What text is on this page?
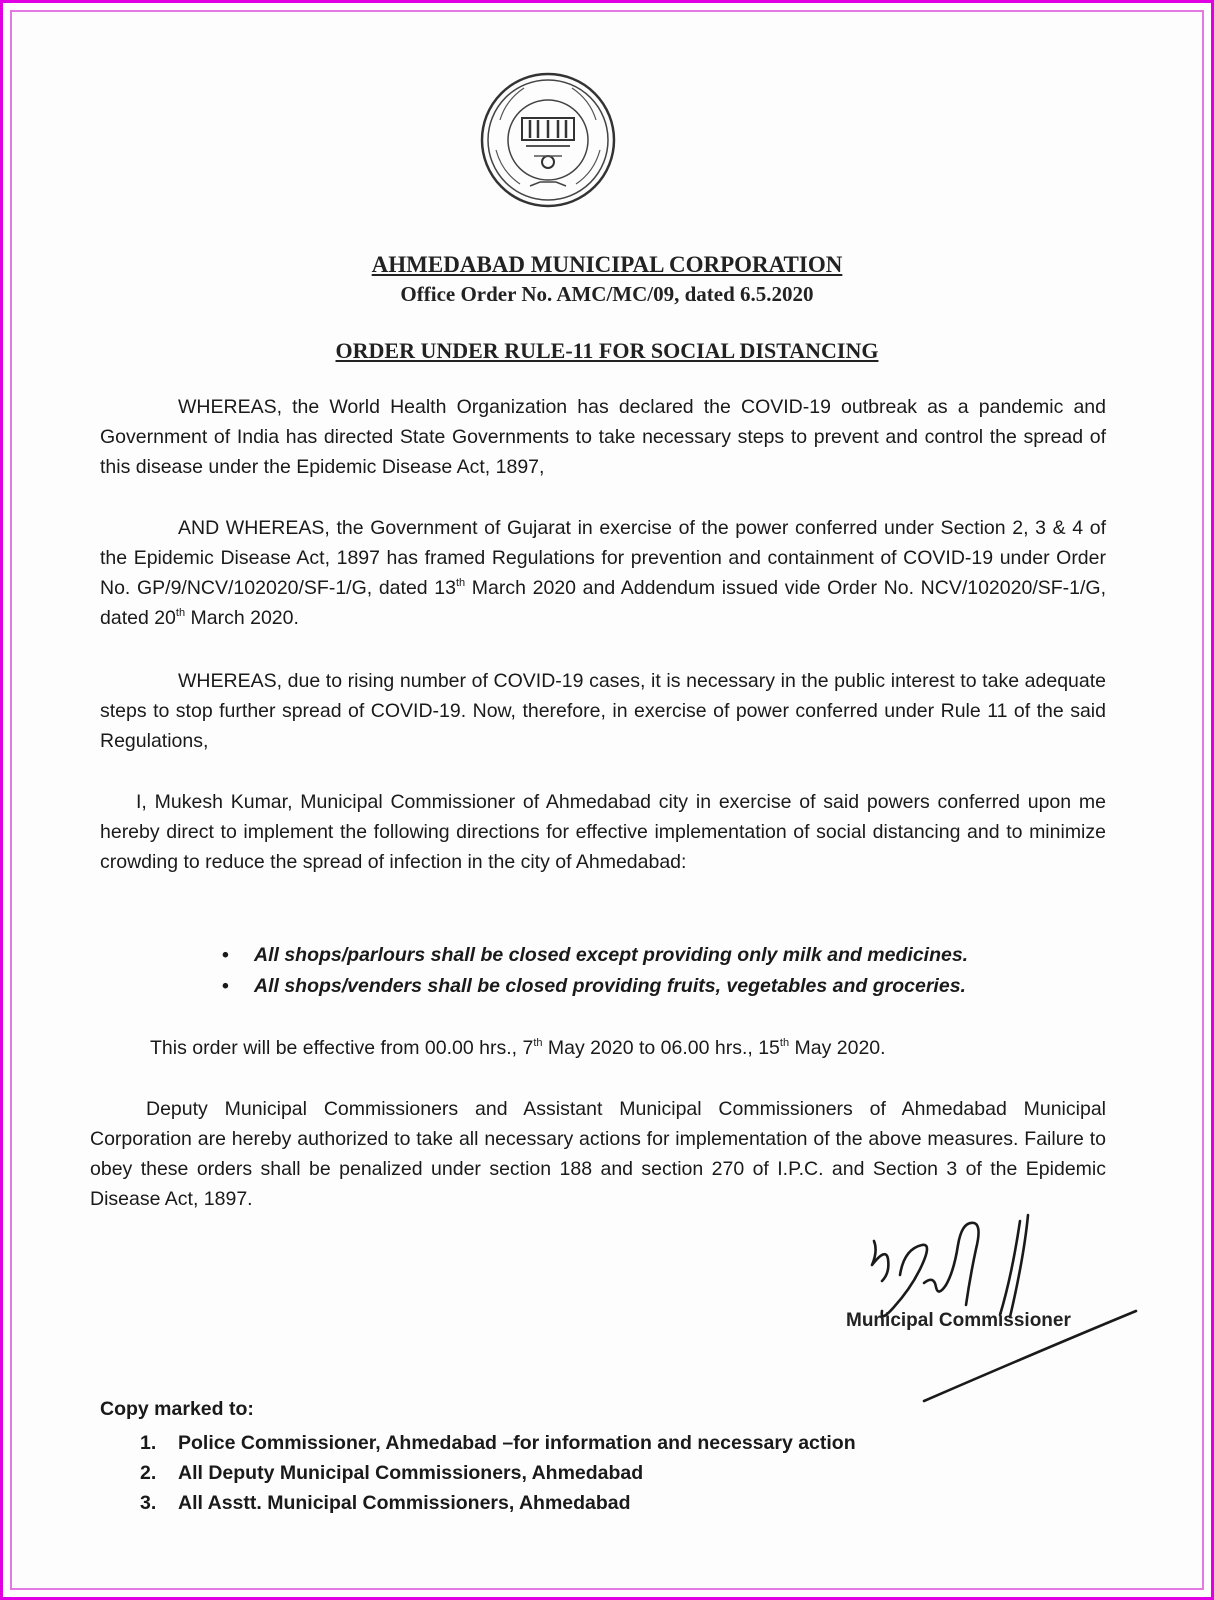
AHMEDABAD MUNICIPAL CORPORATION
Office Order No. AMC/MC/09, dated 6.5.2020
ORDER UNDER RULE-11 FOR SOCIAL DISTANCING

WHEREAS, the World Health Organization has declared the COVID-19 outbreak as a pandemic and Government of India has directed State Governments to take necessary steps to prevent and control the spread of this disease under the Epidemic Disease Act, 1897,

AND WHEREAS, the Government of Gujarat in exercise of the power conferred under Section 2, 3 & 4 of the Epidemic Disease Act, 1897 has framed Regulations for prevention and containment of COVID-19 under Order No. GP/9/NCV/102020/SF-1/G, dated 13th March 2020 and Addendum issued vide Order No. NCV/102020/SF-1/G, dated 20th March 2020.

WHEREAS, due to rising number of COVID-19 cases, it is necessary in the public interest to take adequate steps to stop further spread of COVID-19. Now, therefore, in exercise of power conferred under Rule 11 of the said Regulations,

I, Mukesh Kumar, Municipal Commissioner of Ahmedabad city in exercise of said powers conferred upon me hereby direct to implement the following directions for effective implementation of social distancing and to minimize crowding to reduce the spread of infection in the city of Ahmedabad:

• All shops/parlours shall be closed except providing only milk and medicines.
• All shops/venders shall be closed providing fruits, vegetables and groceries.

This order will be effective from 00.00 hrs., 7th May 2020 to 06.00 hrs., 15th May 2020.

Deputy Municipal Commissioners and Assistant Municipal Commissioners of Ahmedabad Municipal Corporation are hereby authorized to take all necessary actions for implementation of the above measures. Failure to obey these orders shall be penalized under section 188 and section 270 of I.P.C. and Section 3 of the Epidemic Disease Act, 1897.

Municipal Commissioner
Copy marked to:
1. Police Commissioner, Ahmedabad –for information and necessary action
2. All Deputy Municipal Commissioners, Ahmedabad
3. All Asstt. Municipal Commissioners, Ahmedabad
